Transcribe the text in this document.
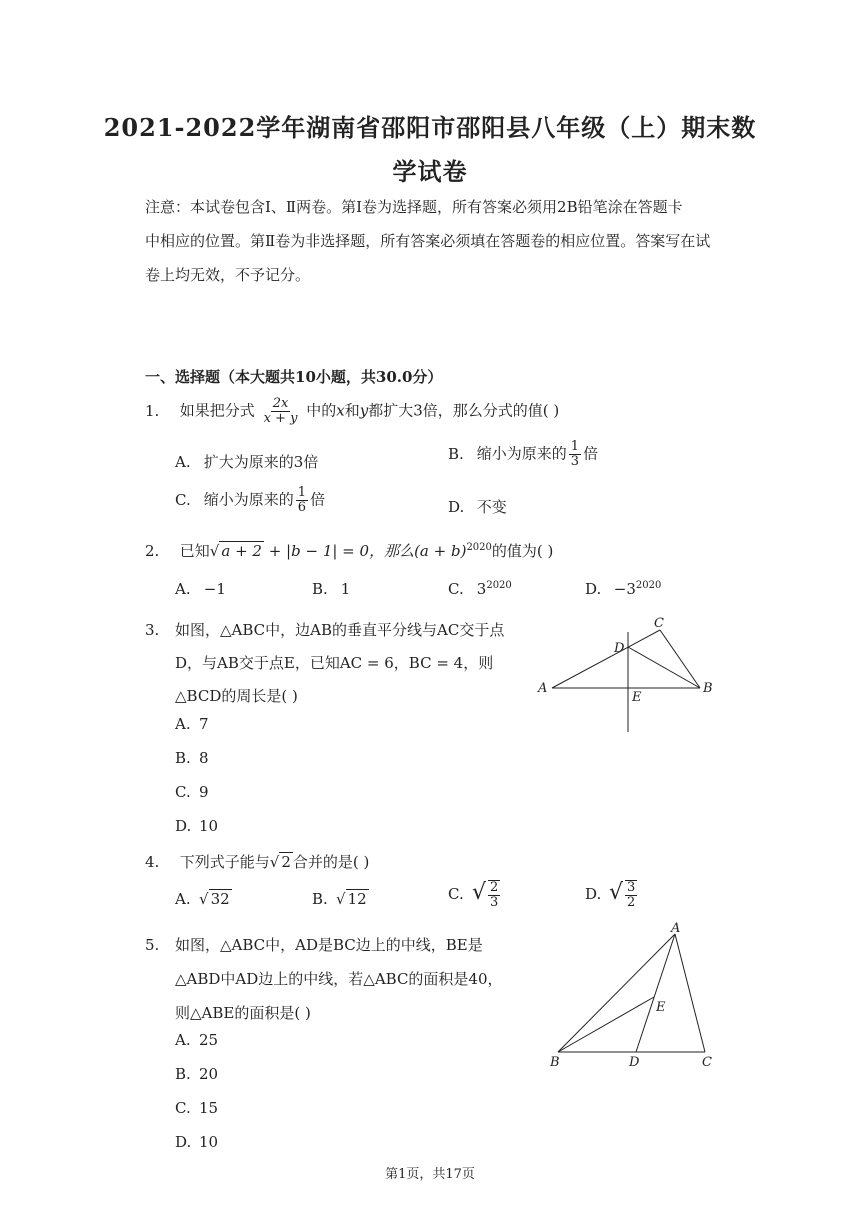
2021-2022学年湖南省邵阳市邵阳县八年级（上）期末数
学试卷
注意：本试卷包含Ⅰ、Ⅱ两卷。第Ⅰ卷为选择题，所有答案必须用2B铅笔涂在答题卡
中相应的位置。第Ⅱ卷为非选择题，所有答案必须填在答题卷的相应位置。答案写在试
卷上均无效，不予记分。
一、选择题（本大题共10小题，共30.0分）
1. 如果把分式 $\frac{2x}{x + y}$ 中的x和y都扩大3倍，那么分式的值( )
A. 扩大为原来的3倍	B. 缩小为原来的 $\frac{1}{3}$ 倍
C. 缩小为原来的 $\frac{1}{6}$ 倍	D. 不变
2. 已知√ a + 2 + |b − 1| = 0，那么$(a + b)^{2020}$的值为( )
A. −1	B. 1	C. $3^{2020}$	D. $-3^{2020}$
3. 如图，△ABC中，边AB的垂直平分线与AC交于点
D，与AB交于点E，已知AC = 6，BC = 4，则
△BCD的周长是( )
A. 7
B. 8
C. 9
D. 10
A	B
C
D
E
4. 下列式子能与√ 2 合并的是( )
A. √ 32	B. √ 12	C. √ $\frac{2}{3}$	D. √ $\frac{3}{2}$
5. 如图，△ABC中，AD是BC边上的中线，BE是
△ABD中AD边上的中线，若△ABC的面积是40，
则△ABE的面积是( )
A. 25
B. 20
C. 15
D. 10
A
B	C
D
E
第1页，共17页
